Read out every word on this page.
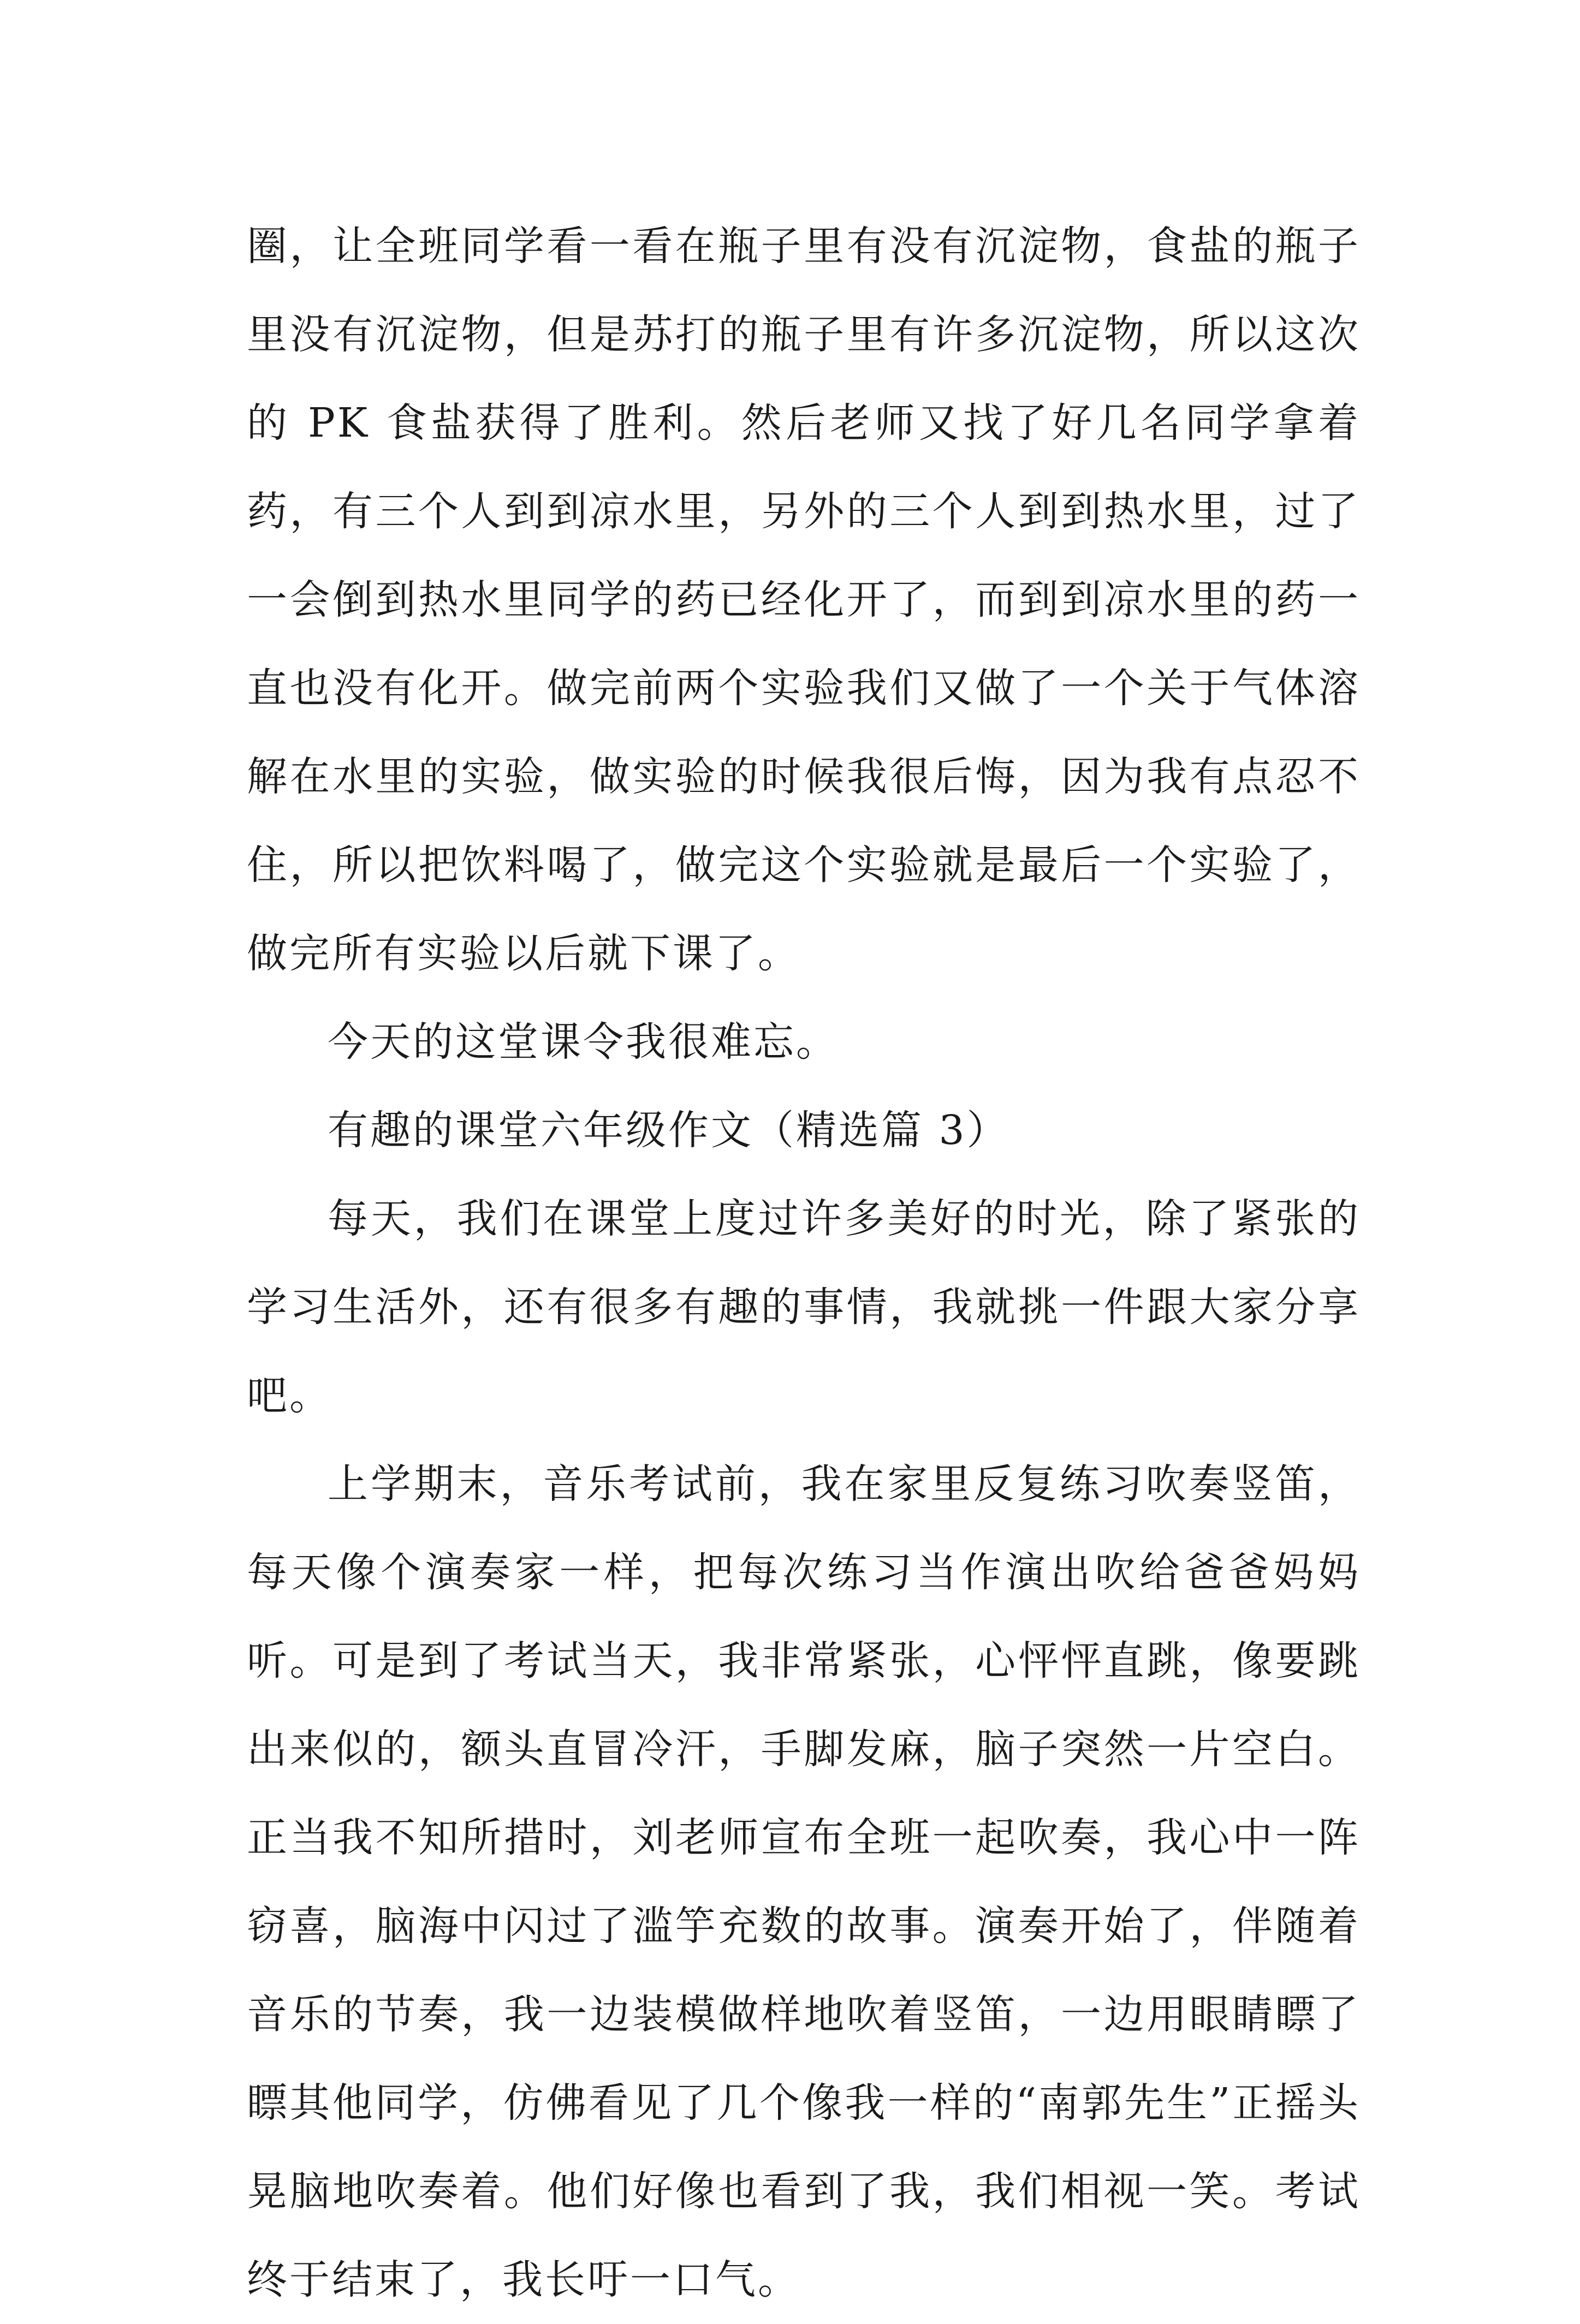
圈，让全班同学看一看在瓶子里有没有沉淀物，食盐的瓶子里没有沉淀物，但是苏打的瓶子里有许多沉淀物，所以这次的 PK 食盐获得了胜利。然后老师又找了好几名同学拿着药，有三个人到到凉水里，另外的三个人到到热水里，过了一会倒到热水里同学的药已经化开了，而到到凉水里的药一直也没有化开。做完前两个实验我们又做了一个关于气体溶解在水里的实验，做实验的时候我很后悔，因为我有点忍不住，所以把饮料喝了，做完这个实验就是最后一个实验了，做完所有实验以后就下课了。

今天的这堂课令我很难忘。

有趣的课堂六年级作文（精选篇 3）

每天，我们在课堂上度过许多美好的时光，除了紧张的学习生活外，还有很多有趣的事情，我就挑一件跟大家分享吧。

上学期末，音乐考试前，我在家里反复练习吹奏竖笛，每天像个演奏家一样，把每次练习当作演出吹给爸爸妈妈听。可是到了考试当天，我非常紧张，心怦怦直跳，像要跳出来似的，额头直冒冷汗，手脚发麻，脑子突然一片空白。正当我不知所措时，刘老师宣布全班一起吹奏，我心中一阵窃喜，脑海中闪过了滥竽充数的故事。演奏开始了，伴随着音乐的节奏，我一边装模做样地吹着竖笛，一边用眼睛瞟了瞟其他同学，仿佛看见了几个像我一样的“南郭先生”正摇头晃脑地吹奏着。他们好像也看到了我，我们相视一笑。考试终于结束了，我长吁一口气。
